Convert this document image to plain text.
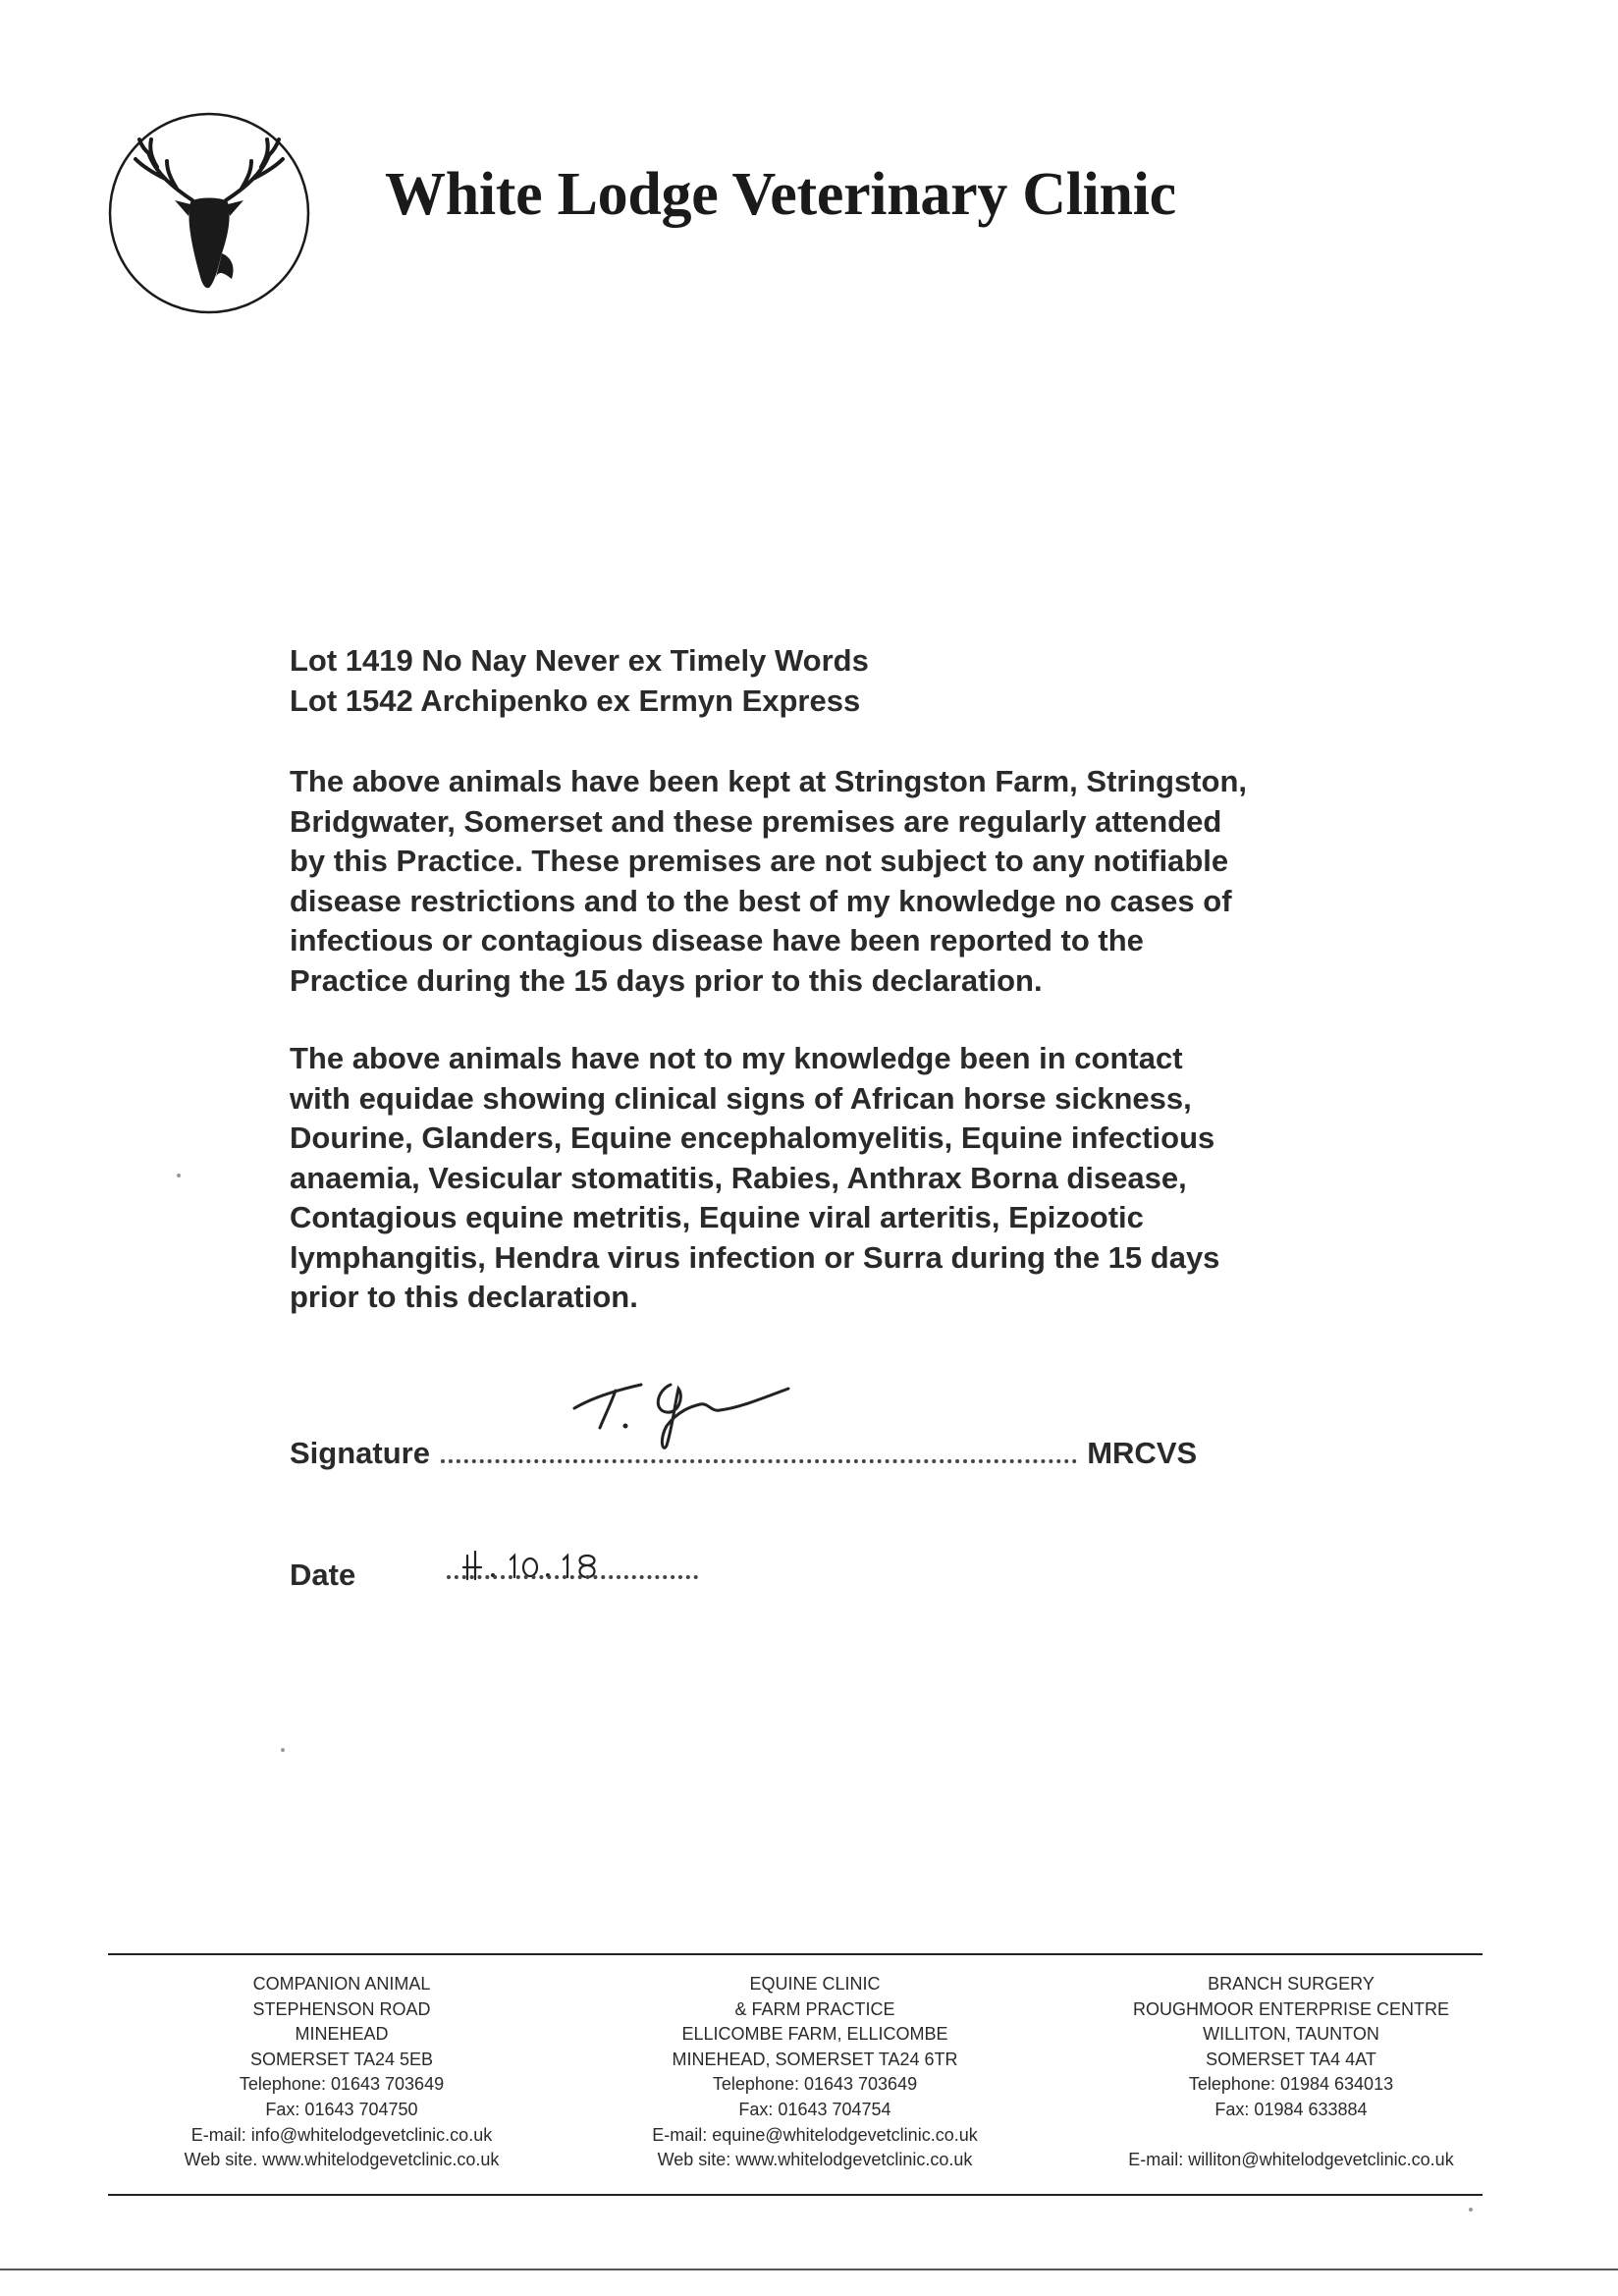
White Lodge Veterinary Clinic
Lot 1419 No Nay Never ex Timely Words
Lot 1542 Archipenko ex Ermyn Express
The above animals have been kept at Stringston Farm, Stringston,
Bridgwater, Somerset and these premises are regularly attended
by this Practice. These premises are not subject to any notifiable
disease restrictions and to the best of my knowledge no cases of
infectious or contagious disease have been reported to the
Practice during the 15 days prior to this declaration.
The above animals have not to my knowledge been in contact
with equidae showing clinical signs of African horse sickness,
Dourine, Glanders, Equine encephalomyelitis, Equine infectious
anaemia, Vesicular stomatitis, Rabies, Anthrax Borna disease,
Contagious equine metritis, Equine viral arteritis, Epizootic
lymphangitis, Hendra virus infection or Surra during the 15 days
prior to this declaration.
Signature	MRCVS
Date
COMPANION ANIMAL
STEPHENSON ROAD
MINEHEAD
SOMERSET TA24 5EB
Telephone: 01643 703649
Fax: 01643 704750
E-mail: info@whitelodgevetclinic.co.uk
Web site. www.whitelodgevetclinic.co.uk
EQUINE CLINIC
& FARM PRACTICE
ELLICOMBE FARM, ELLICOMBE
MINEHEAD, SOMERSET TA24 6TR
Telephone: 01643 703649
Fax: 01643 704754
E-mail: equine@whitelodgevetclinic.co.uk
Web site: www.whitelodgevetclinic.co.uk
BRANCH SURGERY
ROUGHMOOR ENTERPRISE CENTRE
WILLITON, TAUNTON
SOMERSET TA4 4AT
Telephone: 01984 634013
Fax: 01984 633884
E-mail: williton@whitelodgevetclinic.co.uk
